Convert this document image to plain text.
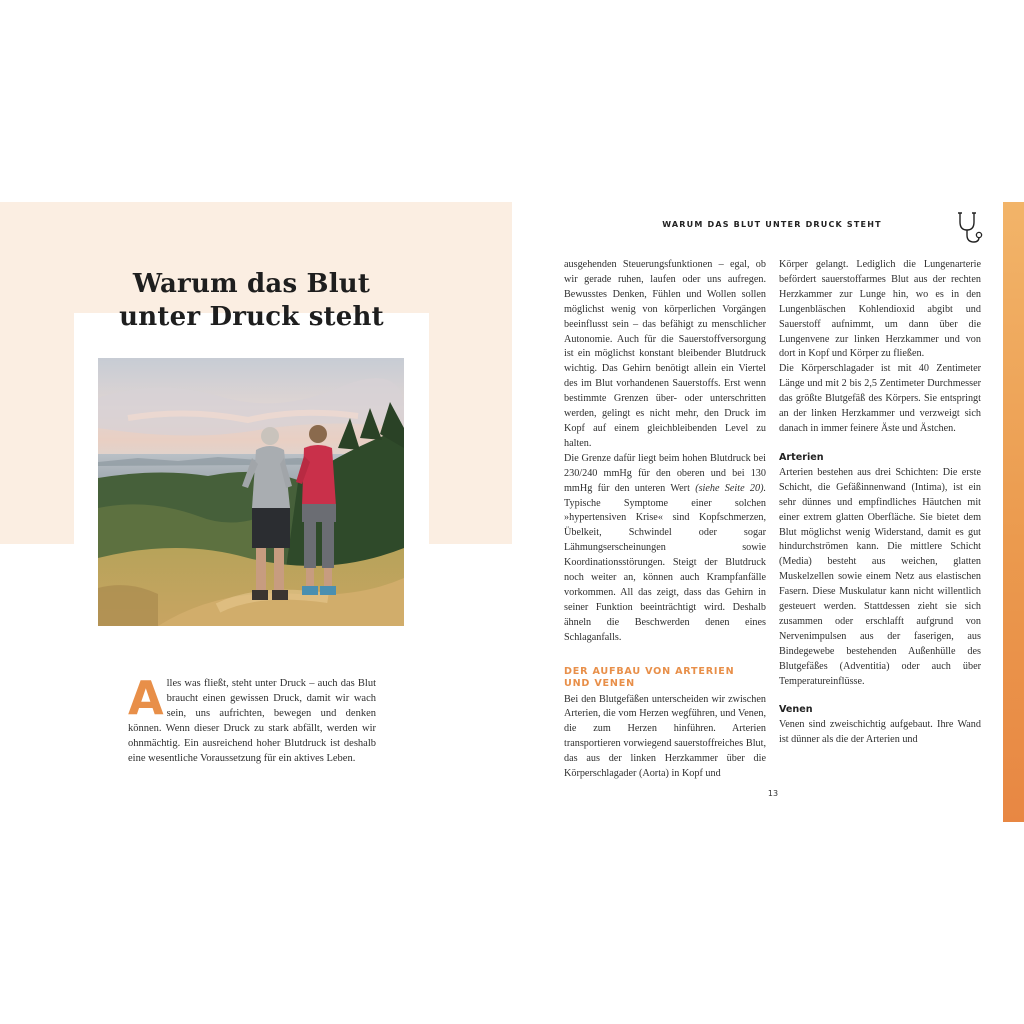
Warum das Blut
unter Druck steht

A lles was fließt, steht unter Druck – auch das Blut braucht einen gewissen Druck, damit wir wach sein, uns aufrichten, bewegen und denken können. Wenn dieser Druck zu stark abfällt, werden wir ohnmächtig. Ein ausreichend hoher Blutdruck ist deshalb eine wesentliche Voraussetzung für ein aktives Leben.

WARUM DAS BLUT UNTER DRUCK STEHT

ausgehenden Steuerungsfunktionen – egal, ob wir gerade ruhen, laufen oder uns aufregen. Bewusstes Denken, Fühlen und Wollen sollen möglichst wenig von körperlichen Vorgängen beeinflusst sein – das befähigt zu menschlicher Autonomie. Auch für die Sauerstoffversorgung ist ein möglichst konstant bleibender Blutdruck wichtig. Das Gehirn benötigt allein ein Viertel des im Blut vorhandenen Sauerstoffs. Erst wenn bestimmte Grenzen über- oder unterschritten werden, gelingt es nicht mehr, den Druck im Kopf auf einem gleichbleibenden Level zu halten.

Die Grenze dafür liegt beim hohen Blutdruck bei 230/240 mmHg für den oberen und bei 130 mmHg für den unteren Wert (siehe Seite 20). Typische Symptome einer solchen »hypertensiven Krise« sind Kopfschmerzen, Übelkeit, Schwindel oder sogar Lähmungserscheinungen sowie Koordinationsstörungen. Steigt der Blutdruck noch weiter an, können auch Krampfanfälle vorkommen. All das zeigt, dass das Gehirn in seiner Funktion beeinträchtigt wird. Deshalb ähneln die Beschwerden denen eines Schlaganfalls.

DER AUFBAU VON ARTERIEN
UND VENEN

Bei den Blutgefäßen unterscheiden wir zwischen Arterien, die vom Herzen wegführen, und Venen, die zum Herzen hinführen. Arterien transportieren vorwiegend sauerstoffreiches Blut, das aus der linken Herzkammer über die Körperschlagader (Aorta) in Kopf und

Körper gelangt. Lediglich die Lungenarterie befördert sauerstoffarmes Blut aus der rechten Herzkammer zur Lunge hin, wo es in den Lungenbläschen Kohlendioxid abgibt und Sauerstoff aufnimmt, um dann über die Lungenvene zur linken Herzkammer und von dort in Kopf und Körper zu fließen.

Die Körperschlagader ist mit 40 Zentimeter Länge und mit 2 bis 2,5 Zentimeter Durchmesser das größte Blutgefäß des Körpers. Sie entspringt an der linken Herzkammer und verzweigt sich danach in immer feinere Äste und Ästchen.

Arterien

Arterien bestehen aus drei Schichten: Die erste Schicht, die Gefäßinnenwand (Intima), ist ein sehr dünnes und empfindliches Häutchen mit einer extrem glatten Oberfläche. Sie bietet dem Blut möglichst wenig Widerstand, damit es gut hindurchströmen kann. Die mittlere Schicht (Media) besteht aus weichen, glatten Muskelzellen sowie einem Netz aus elastischen Fasern. Diese Muskulatur kann nicht willentlich gesteuert werden. Stattdessen zieht sie sich zusammen oder erschlafft aufgrund von Nervenimpulsen aus der faserigen, aus Bindegewebe bestehenden Außenhülle des Blutgefäßes (Adventitia) oder auch über Temperatureinflüsse.

Venen

Venen sind zweischichtig aufgebaut. Ihre Wand ist dünner als die der Arterien und

13
